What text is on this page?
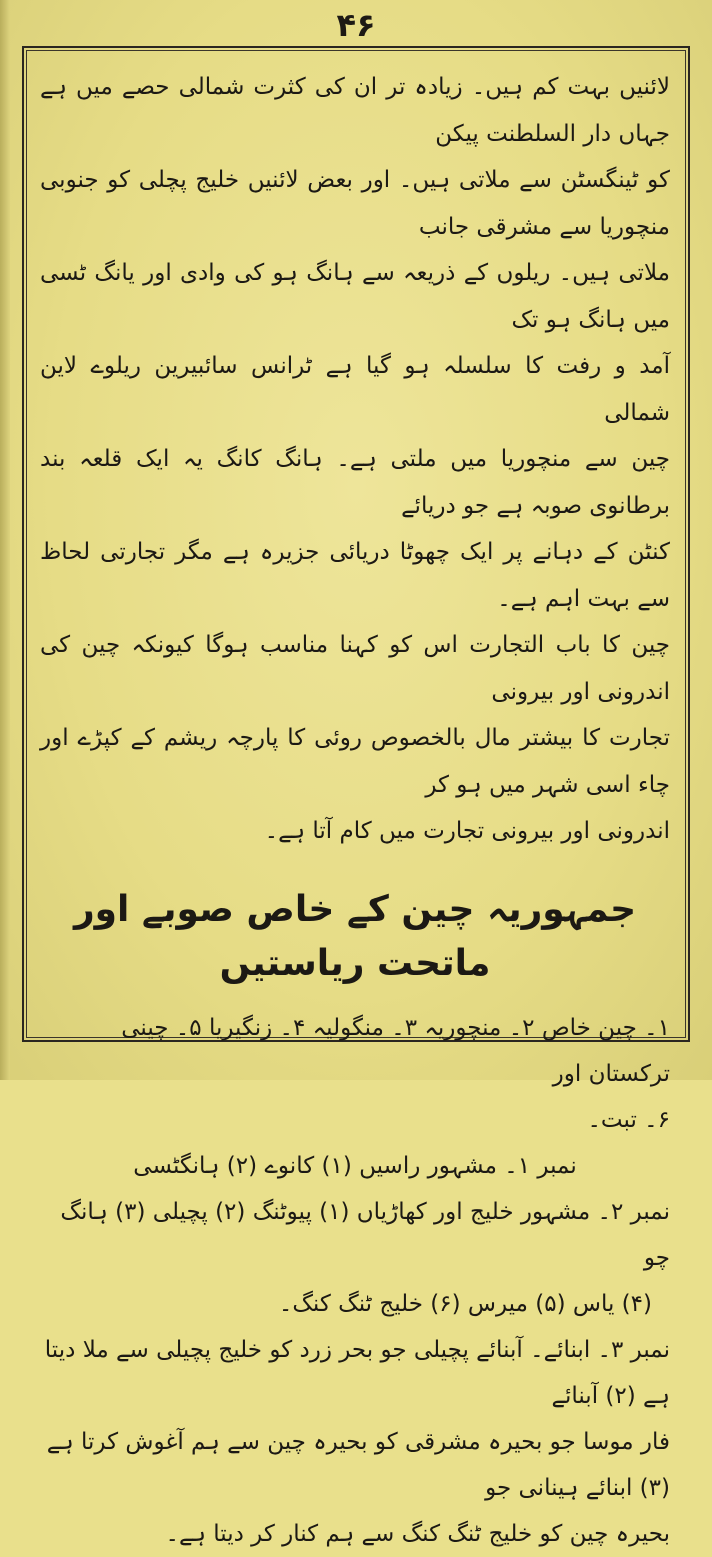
۴۶

لائنیں بہت کم ہیں۔ زیادہ تر ان کی کثرت شمالی حصے میں ہے جہاں دار السلطنت پیکن

کو ٹینگسٹن سے ملاتی ہیں۔ اور بعض لائنیں خلیج پچلی کو جنوبی منچوریا سے مشرقی جانب

ملاتی ہیں۔ ریلوں کے ذریعہ سے ہانگ ہو کی وادی اور یانگ ٹسی میں ہانگ ہو تک

آمد و رفت کا سلسلہ ہو گیا ہے ٹرانس سائبیرین ریلوے لاین شمالی

چین سے منچوریا میں ملتی ہے۔ ہانگ کانگ یہ ایک قلعہ بند برطانوی صوبہ ہے جو دریائے

کنٹن کے دہانے پر ایک چھوٹا دریائی جزیرہ ہے مگر تجارتی لحاظ سے بہت اہم ہے۔

چین کا باب التجارت اس کو کہنا مناسب ہوگا کیونکہ چین کی اندرونی اور بیرونی

تجارت کا بیشتر مال بالخصوص روئی کا پارچہ ریشم کے کپڑے اور چاء اسی شہر میں ہو کر

اندرونی اور بیرونی تجارت میں کام آتا ہے۔

جمہوریہ چین کے خاص صوبے اور ماتحت ریاستیں

۱۔ چین خاص ۲۔ منچوریہ ۳۔ منگولیہ ۴۔ زنگیریا ۵۔ چینی ترکستان اور

۶۔ تبت۔

نمبر ۱۔ مشہور راسیں (۱) کانوے (۲) ہانگٹسی

نمبر ۲۔ مشہور خلیج اور کھاڑیاں (۱) پیوٹنگ (۲) پچیلی (۳) ہانگ چو

(۴) یاس (۵) میرس (۶) خلیج ٹنگ کنگ۔

نمبر ۳۔ ابنائے۔ آبنائے پچیلی جو بحر زرد کو خلیج پچیلی سے ملا دیتا ہے (۲) آبنائے

فار موسا جو بحیرہ مشرقی کو بحیرہ چین سے ہم آغوش کرتا ہے (۳) ابنائے ہینانی جو

بحیرہ چین کو خلیج ٹنگ کنگ سے ہم کنار کر دیتا ہے۔
